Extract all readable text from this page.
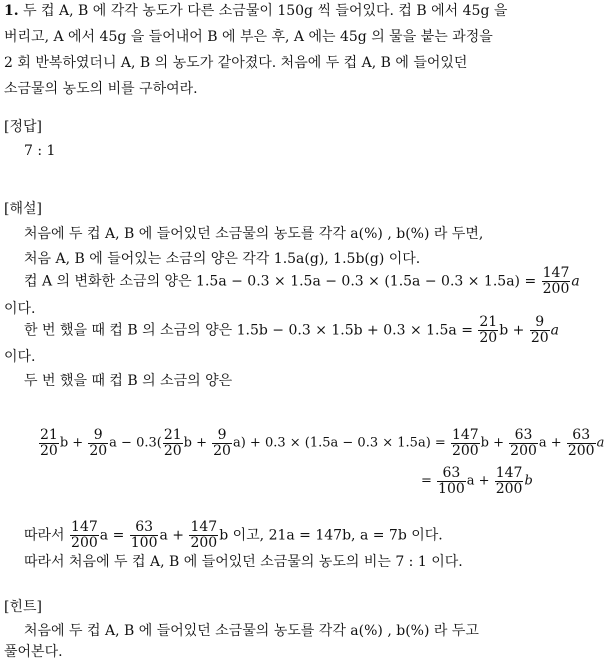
1. 두 컵 A, B 에 각각 농도가 다른 소금물이 150g 씩 들어있다. 컵 B 에서 45g 을
버리고, A 에서 45g 을 들어내어 B 에 부은 후, A 에는 45g 의 물을 붙는 과정을
2 회 반복하였더니 A, B 의 농도가 같아졌다. 처음에 두 컵 A, B 에 들어있던
소금물의 농도의 비를 구하여라.
[정답]
7 : 1
[해설]
처음에 두 컵 A, B 에 들어있던 소금물의 농도를 각각 a(%) , b(%) 라 두면,
처음 A, B 에 들어있는 소금의 양은 각각 1.5a(g), 1.5b(g) 이다.
컵 A 의 변화한 소금의 양은 $1.5a - 0.3 \times 1.5a - 0.3 \times (1.5a - 0.3 \times 1.5a) = \frac{147}{200}$ a
이다.
한 번 했을 때 컵 B 의 소금의 양은 $1.5b - 0.3 \times 1.5b + 0.3 \times 1.5a = \frac{21}{20}$ $b + \frac{9}{20}$ a
이다.
두 번 했을 때 컵 B 의 소금의 양은
$\frac{21}{20}$ $b + \frac{9}{20}$ $a - 0.3( \frac{21}{20}$ $b + \frac{9}{20} a) + 0.3 \times (1.5a - 0.3 \times 1.5a) = \frac{147}{200}$ $b + \frac{63}{200}$ $a + \frac{63}{200}$ a
= $\frac{63}{100}$ $a + \frac{147}{200}$ b
따라서 $\frac{147}{200}$ $a = \frac{63}{100}$ $a + \frac{147}{200}$ b 이고, 21a = 147b, a = 7b 이다.
따라서 처음에 두 컵 A, B 에 들어있던 소금물의 농도의 비는 7 : 1 이다.
[힌트]
처음에 두 컵 A, B 에 들어있던 소금물의 농도를 각각 a(%) , b(%) 라 두고
풀어본다.
